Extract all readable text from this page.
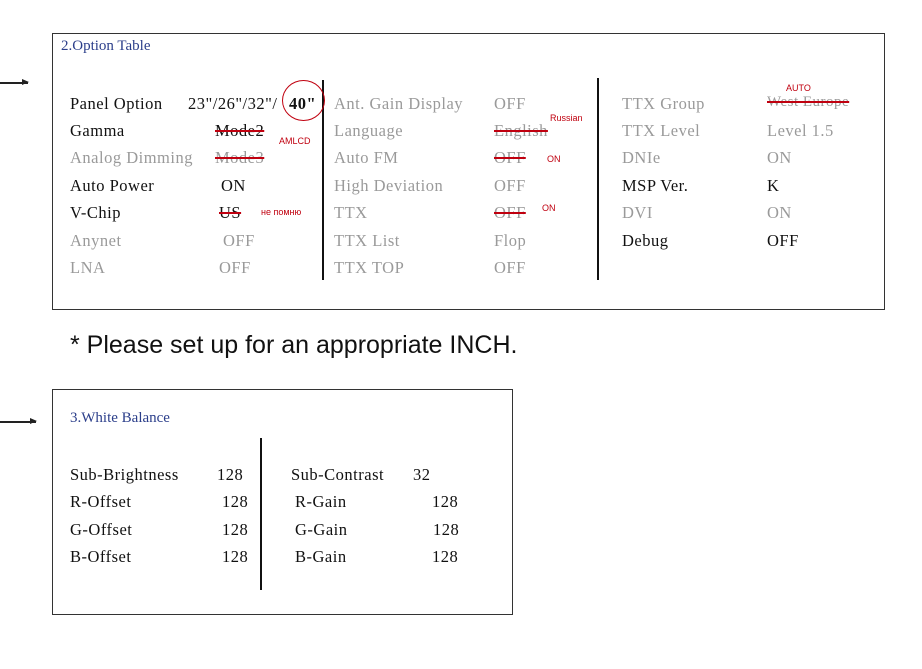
2.Option Table
Panel Option
Gamma
Analog Dimming
Auto Power
V-Chip
Anynet
LNA
23"/26"/32"/ 40"
Mode2
AMLCD
Mode3
ON
US не помню
OFF
OFF
Ant. Gain Display
Language
Auto FM
High Deviation
TTX
TTX List
TTX TOP
OFF
Russian
English
OFF ON
OFF
OFF ON
Flop
OFF
TTX Group
TTX Level
DNIe
MSP Ver.
DVI
Debug
AUTO
West Europe
Level 1.5
ON
K
ON
OFF
* Please set up for an appropriate INCH.
3.White Balance
Sub-Brightness
R-Offset
G-Offset
B-Offset
128
128
128
128
Sub-Contrast
R-Gain
G-Gain
B-Gain
32
128
128
128
